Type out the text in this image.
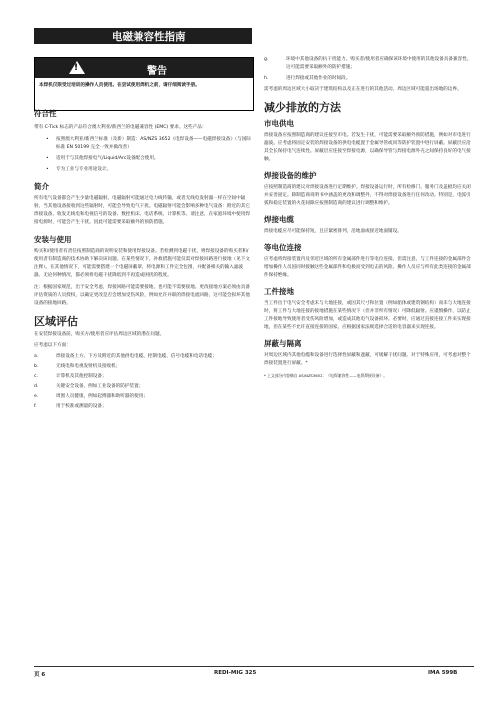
电磁兼容性指南
!	警告
本焊机仅限受过培训的操作人员使用。在尝试使用焊机之前，请仔细阅读手册。
符合性

带有 C-Tick 标志的产品符合澳大利亚/新西兰的电磁兼容性 (EMC) 要求。这些产品：

•	按照澳大利亚/新西兰标准（及新）制造：AS/NZS 3652《电焊设备——电磁焊接设备》（与国际标准 EN 50199 完全一致并做改善）
•	适用于与其他焊接电气/Liquid/Arc设备配合使用。
•	专为工业与专业用途设计。
简介

所有电气设备都会产生少量电磁辐射。电磁辐射可能通过电力线传输，或者无线电发射器一样在空间中辐射。当其他设备接收到这些辐射时，可能会导致电气干扰。电磁辐射可能会影响多种电气设备：附近的其它焊接设备、收发无线电和电视信号的设备、数控机床、电话系统、计算机等。请注意，在家庭环境中使用焊接电源时，可能会产生干扰。因此可能需要采取额外的预防措施。

安装与使用

购买和/使用者有责任按照制造商的说明安装和使用焊接设备。若检测到电磁干扰，则焊接设备的购买者和/使用者有制造商的技术协助下解决该问题。在某些情况下，补救措施可能仅需对焊接回路进行接地（见下文注释）。在其他情况下，可能需要搭建一个电磁屏蔽罩，将电源和工件完全包围，并配备相关的输入滤波器。无论何种情况，都必须将电磁干扰降低到不再造成困扰的程度。

注：根据国家规范，出于安全考虑，焊接回路可能需要接地，也可能不需要接地。更改接地方案必须由具备评估资质的人员授权，以确定更改是否会增加受伤风险，例如允许并联的焊接电流回路，这可能会损坏其他设备的接地回路。

区域评估

在安装焊接设备前，购买方/使用者应评估周边区域的潜在问题。

应考虑以下方面：

a.	焊接设备上方、下方及附近的其他供电电缆、控制电缆、信号电缆和电话电缆；
b.	无线电和电视发射机及接收机；
c.	计算机及其他控制设备；
d.	关键安全设备，例如工业设备的防护装置；
e.	周围人员健康，例如起搏器和助听器的使用；
f.	用于校准或测量的设备；
g.	环境中其他设备的抗干扰能力。购买者/使用者应确保该环境中使用的其他设备具备兼容性。这可能需要采取额外的防护措施；
h.	进行焊接或其他作业的时间段。

需考虑的周边区域大小取决于建筑结构以及正在进行的其他活动。周边区域可能超出场地的边界。

减少排放的方法
市电供电

焊接设备应按照制造商的建议连接至市电。若发生干扰，可能需要采取额外预防措施，例如对市电进行滤波。应考虑将固定安装的焊接设备的供电电缆置于金属导管或同等防护装置中进行屏蔽。屏蔽层应沿其全长保持电气连续性。屏蔽层应连接至焊接电源，以确保导管与焊接电源外壳之间保持良好的电气接触。

焊接设备的维护

应按照制造商的建议对焊接设备进行定期维护。焊接设备运行时，所有检修门、服务门及盖板均应关闭并妥善固定。除制造商说明书中涵盖的更改和调整外，不得对焊接设备进行任何改动。特别是，电弧引弧和稳定装置的火花间隙应按照制造商的建议进行调整和维护。

焊接电缆

焊接电缆应尽可能保持短，且应紧密排列，沿地面或接近地面铺设。

等电位连接

应考虑将焊接装置内及邻近区域的所有金属部件进行等电位连接。但需注意，与工件连接的金属部件会增加操作人员因同时接触这些金属部件和电极而受到电击的风险。操作人员应与所有此类连接的金属部件保持绝缘。

工件接地

当工件出于电气安全考虑未与大地连接，或因其尺寸和位置（例如船体或建筑钢结构）而未与大地连接时，将工件与大地连接的接地措施在某些情况下（但并非所有情况）可降低辐射。应谨慎操作，以防止工件接地导致使用者受伤风险增加，或造成其他电气设备损坏。必要时，应通过直接连接工件来实现接地，但在某些不允许直接连接的国家，应根据国家法规选择合适的电容器来实现连接。

屏蔽与隔离

对周边区域内其他电缆和设备进行选择性屏蔽和遮蔽，可缓解干扰问题。对于特殊应用，可考虑对整个焊接装置进行屏蔽。*

* 上文部分内容摘自 AS/NZS3652：《电焊兼容性——电焊焊接设备》。

页 6	REDI-MIG 325	IMA 599B
